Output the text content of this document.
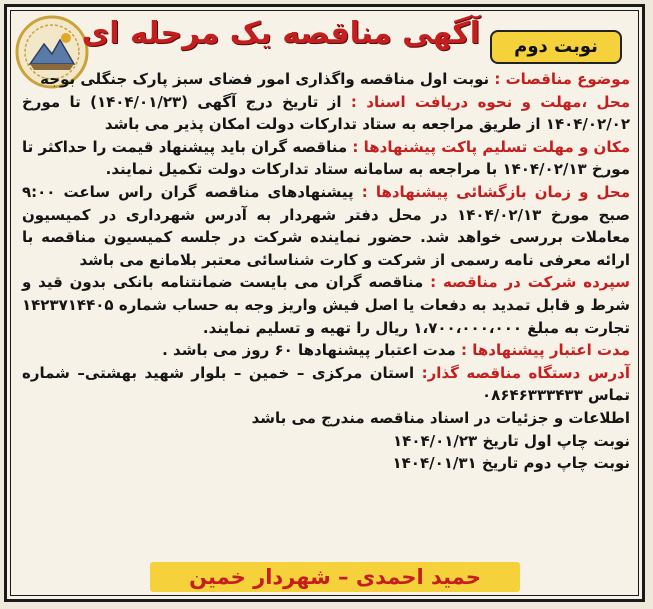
آگهی مناقصه یک مرحله ای	نوبت دوم

موضوع مناقصات : نوبت اول مناقصه واگذاری امور فضای سبز پارک جنگلی بوجه

محل ،مهلت و نحوه دریافت اسناد : از تاریخ درج آگهی (۱۴۰۴/۰۱/۲۳) تا مورخ ۱۴۰۴/۰۲/۰۲ از طریق مراجعه به ستاد تدارکات دولت امکان پذیر می باشد

مکان و مهلت تسلیم پاکت پیشنهادها : مناقصه گران باید پیشنهاد قیمت را حداکثر تا مورخ ۱۴۰۴/۰۲/۱۳ با مراجعه به سامانه ستاد تدارکات دولت تکمیل نمایند.

محل و زمان بازگشائی پیشنهادها : پیشنهادهای مناقصه گران راس ساعت ۹:۰۰ صبح مورخ ۱۴۰۴/۰۲/۱۳ در محل دفتر شهردار به آدرس شهرداری در کمیسیون معاملات بررسی خواهد شد. حضور نماینده شرکت در جلسه کمیسیون مناقصه با ارائه معرفی نامه رسمی از شرکت و کارت شناسائی معتبر بلامانع می باشد

سپرده شرکت در مناقصه : مناقصه گران می بایست ضمانتنامه بانکی بدون قید و شرط و قابل تمدید به دفعات یا اصل فیش واریز وجه به حساب شماره ۱۴۲۳۷۱۴۴۰۵ تجارت به مبلغ ۱،۷۰۰،۰۰۰،۰۰۰ ریال را تهیه و تسلیم نمایند.

مدت اعتبار پیشنهادها : مدت اعتبار پیشنهادها ۶۰ روز می باشد .

آدرس دستگاه مناقصه گذار: استان مرکزی – خمین – بلوار شهید بهشتی– شماره تماس ۰۸۶۴۶۳۳۳۴۳۳

اطلاعات و جزئیات در اسناد مناقصه مندرج می باشد

نوبت چاپ اول تاریخ ۱۴۰۴/۰۱/۲۳

نوبت چاپ دوم تاریخ ۱۴۰۴/۰۱/۳۱

حمید احمدی – شهردار خمین
